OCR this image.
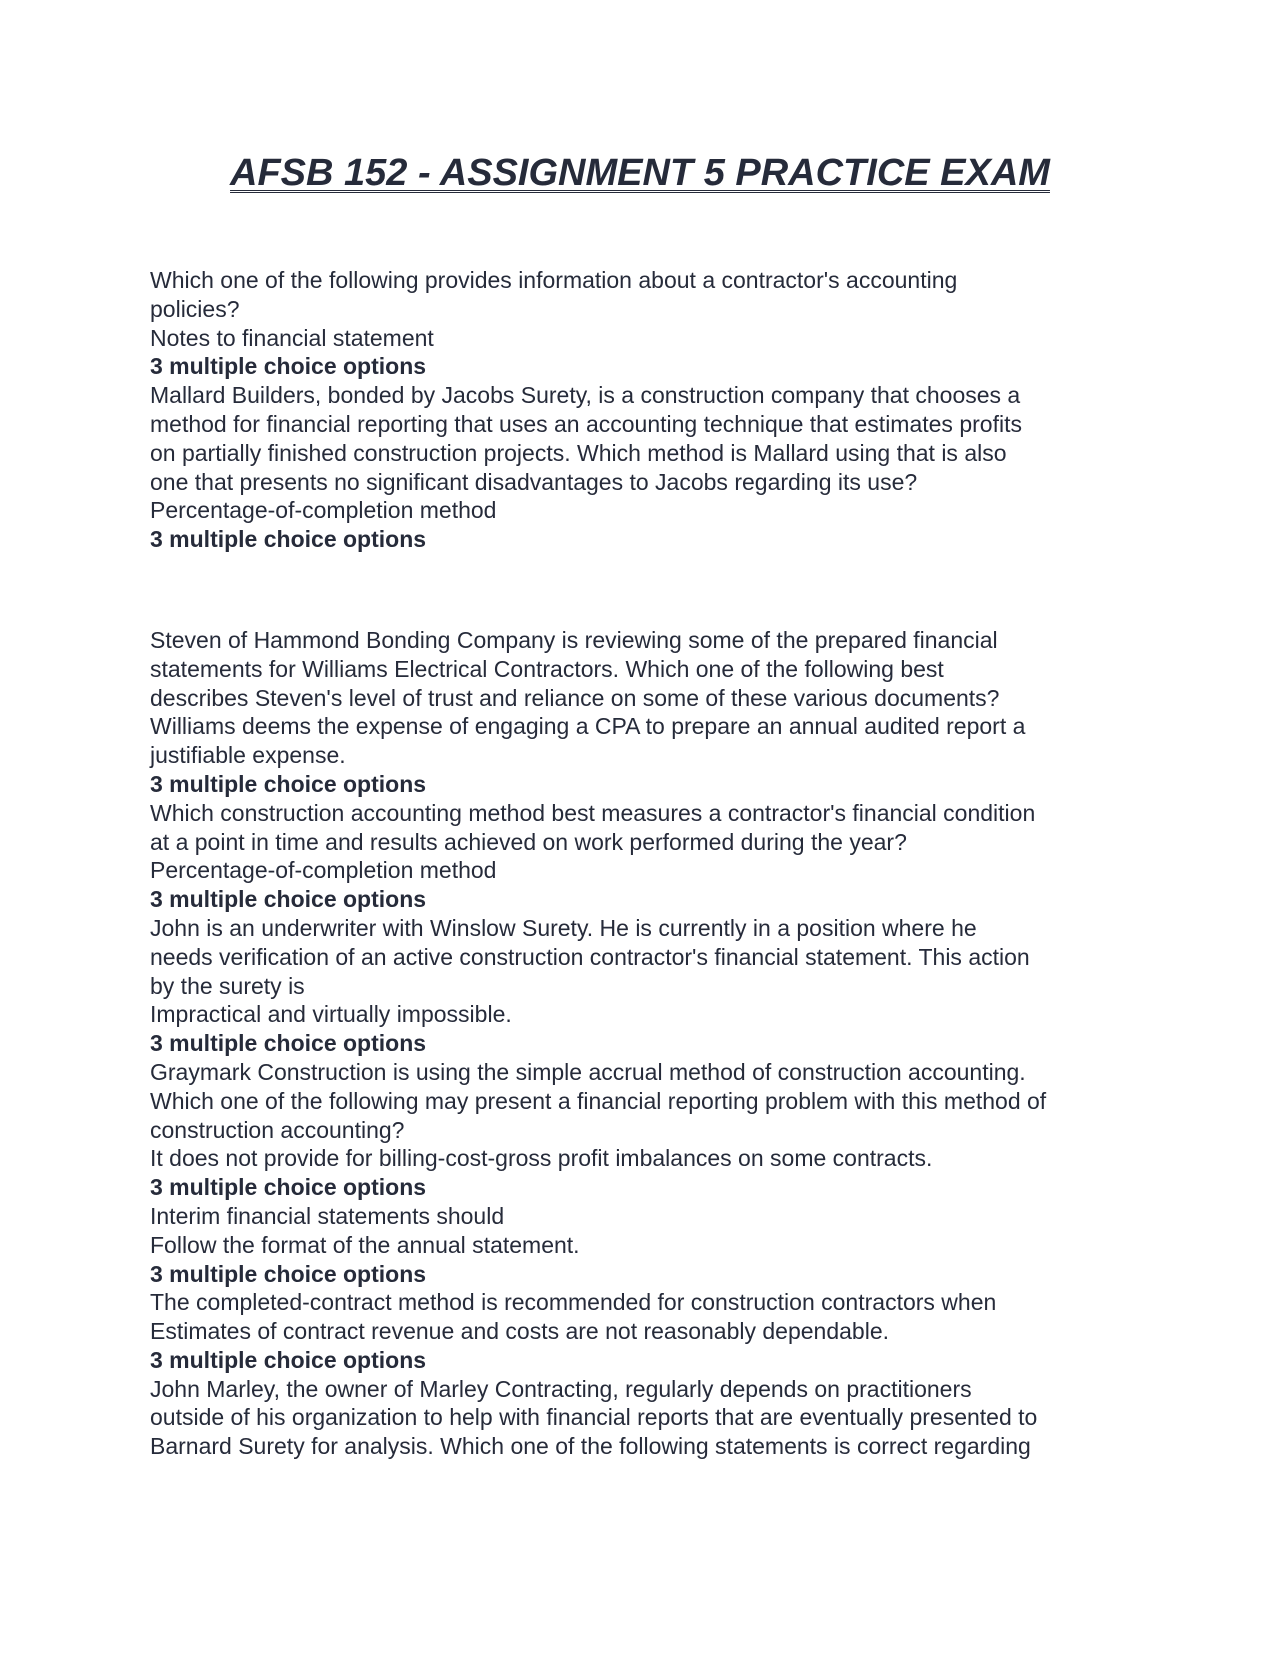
AFSB 152 - ASSIGNMENT 5 PRACTICE EXAM
Which one of the following provides information about a contractor's accounting
policies?
Notes to financial statement
3 multiple choice options
Mallard Builders, bonded by Jacobs Surety, is a construction company that chooses a
method for financial reporting that uses an accounting technique that estimates profits
on partially finished construction projects. Which method is Mallard using that is also
one that presents no significant disadvantages to Jacobs regarding its use?
Percentage-of-completion method
3 multiple choice options
Steven of Hammond Bonding Company is reviewing some of the prepared financial
statements for Williams Electrical Contractors. Which one of the following best
describes Steven's level of trust and reliance on some of these various documents?
Williams deems the expense of engaging a CPA to prepare an annual audited report a
justifiable expense.
3 multiple choice options
Which construction accounting method best measures a contractor's financial condition
at a point in time and results achieved on work performed during the year?
Percentage-of-completion method
3 multiple choice options
John is an underwriter with Winslow Surety. He is currently in a position where he
needs verification of an active construction contractor's financial statement. This action
by the surety is
Impractical and virtually impossible.
3 multiple choice options
Graymark Construction is using the simple accrual method of construction accounting.
Which one of the following may present a financial reporting problem with this method of
construction accounting?
It does not provide for billing-cost-gross profit imbalances on some contracts.
3 multiple choice options
Interim financial statements should
Follow the format of the annual statement.
3 multiple choice options
The completed-contract method is recommended for construction contractors when
Estimates of contract revenue and costs are not reasonably dependable.
3 multiple choice options
John Marley, the owner of Marley Contracting, regularly depends on practitioners
outside of his organization to help with financial reports that are eventually presented to
Barnard Surety for analysis. Which one of the following statements is correct regarding
